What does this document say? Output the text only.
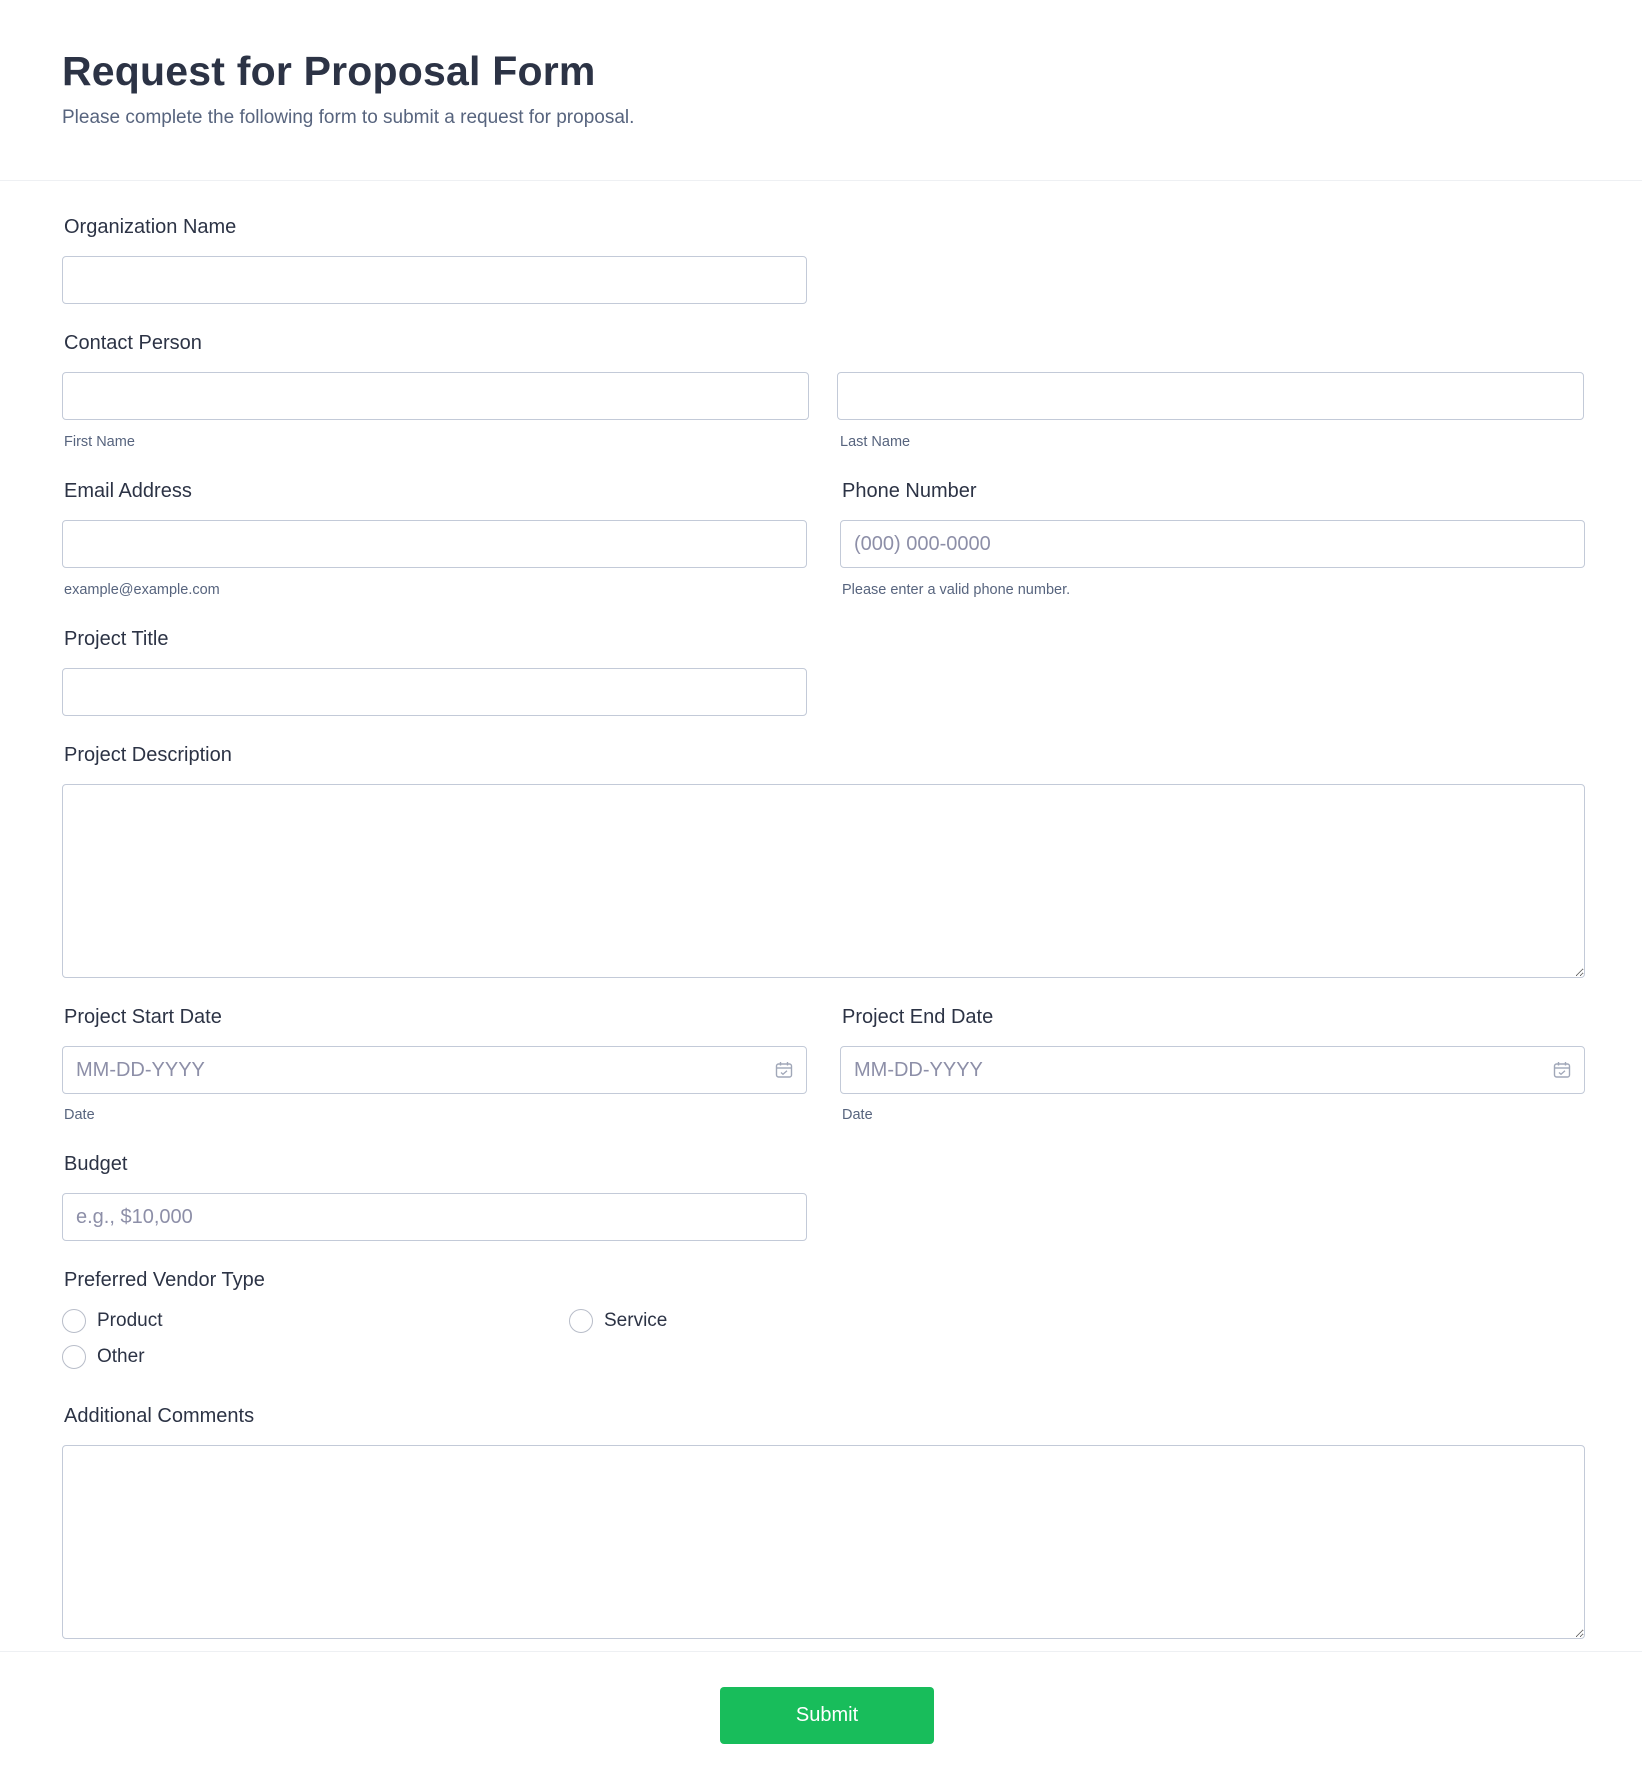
Request for Proposal Form

Please complete the following form to submit a request for proposal.

Organization Name
Contact Person
First Name	Last Name
Email Address	Phone Number
(000) 000-0000
example@example.com	Please enter a valid phone number.
Project Title
Project Description
Project Start Date	Project End Date
MM-DD-YYYY
MM-DD-YYYY
Date	Date
Budget
e.g., $10,000
Preferred Vendor Type
Product	Service
Other
Additional Comments
Submit
